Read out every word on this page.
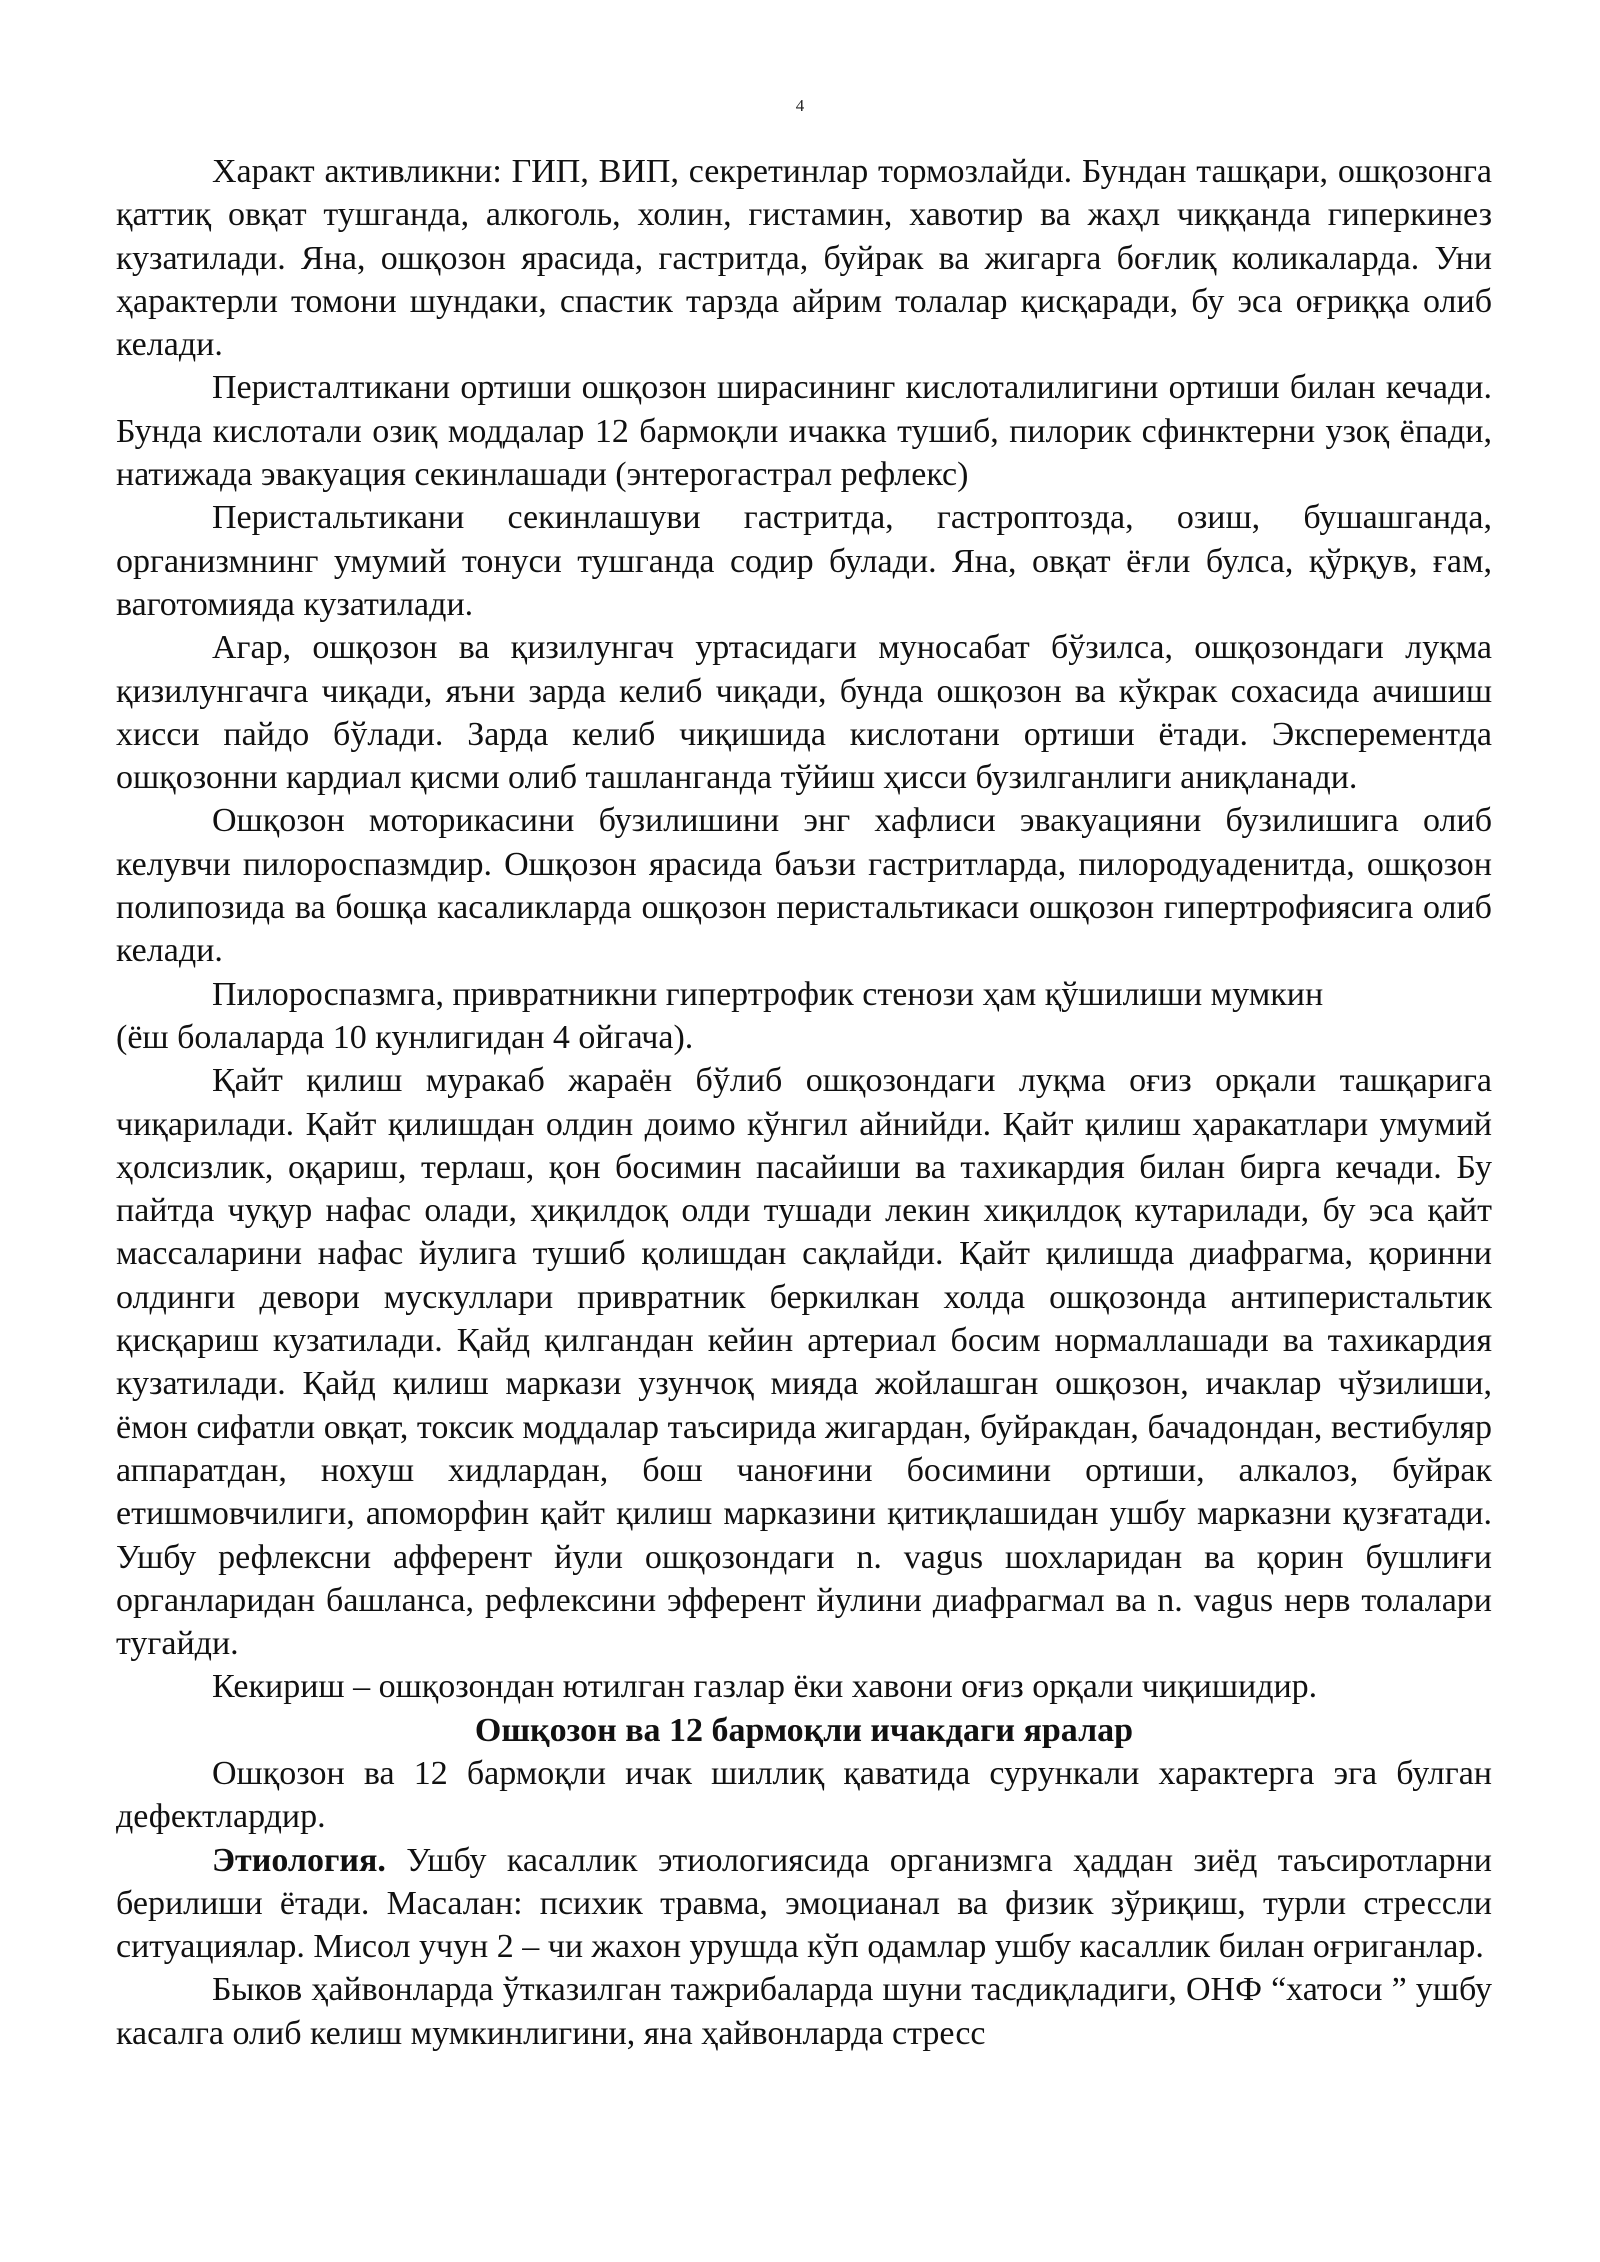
4

Характ активликни: ГИП, ВИП, секретинлар тормозлайди. Бундан ташқари, ошқозонга қаттиқ овқат тушганда, алкоголь, холин, гистамин, хавотир ва жаҳл чиққанда гиперкинез кузатилади. Яна, ошқозон ярасида, гастритда, буйрак ва жигарга боғлиқ коликаларда. Уни ҳарактерли томони шундаки, спастик тарзда айрим толалар қисқаради, бу эса оғриққа олиб келади.

Перисталтикани ортиши ошқозон ширасининг кислоталилигини ортиши билан кечади. Бунда кислотали озиқ моддалар 12 бармоқли ичакка тушиб, пилорик сфинктерни узоқ ёпади, натижада эвакуация секинлашади (энтерогастрал рефлекс)

Перистальтикани секинлашуви гастритда, гастроптозда, озиш, бушашганда, организмнинг умумий тонуси тушганда содир булади. Яна, овқат ёғли булса, қўрқув, ғам, ваготомияда кузатилади.

Агар, ошқозон ва қизилунгач уртасидаги муносабат бўзилса, ошқозондаги луқма қизилунгачга чиқади, яъни зарда келиб чиқади, бунда ошқозон ва кўкрак сохасида ачишиш хисси пайдо бўлади. Зарда келиб чиқишида кислотани ортиши ётади. Эксперементда ошқозонни кардиал қисми олиб ташланганда тўйиш ҳисси бузилганлиги аниқланади.

Ошқозон моторикасини бузилишини энг хафлиси эвакуацияни бузилишига олиб келувчи пилороспазмдир. Ошқозон ярасида баъзи гастритларда, пилородуаденитда, ошқозон полипозида ва бошқа касаликларда ошқозон перистальтикаси ошқозон гипертрофиясига олиб келади.

Пилороспазмга, привратникни гипертрофик стенози ҳам қўшилиши мумкин

(ёш болаларда 10 кунлигидан 4 ойгача).

Қайт қилиш муракаб жараён бўлиб ошқозондаги луқма оғиз орқали ташқарига чиқарилади. Қайт қилишдан олдин доимо кўнгил айнийди. Қайт қилиш ҳаракатлари умумий ҳолсизлик, оқариш, терлаш, қон босимин пасайиши ва тахикардия билан бирга кечади. Бу пайтда чуқур нафас олади, ҳиқилдоқ олди тушади лекин хиқилдоқ кутарилади, бу эса қайт массаларини нафас йулига тушиб қолишдан сақлайди. Қайт қилишда диафрагма, қоринни олдинги девори мускуллари привратник беркилкан холда ошқозонда антиперистальтик қисқариш кузатилади. Қайд қилгандан кейин артериал босим нормаллашади ва тахикардия кузатилади. Қайд қилиш маркази узунчоқ мияда жойлашган ошқозон, ичаклар чўзилиши, ёмон сифатли овқат, токсик моддалар таъсирида жигардан, буйракдан, бачадондан, вестибуляр аппаратдан, нохуш хидлардан, бош чаноғини босимини ортиши, алкалоз, буйрак етишмовчилиги, апоморфин қайт қилиш марказини қитиқлашидан ушбу марказни қузғатади. Ушбу рефлексни афферент йули ошқозондаги n. vagus шохларидан ва қорин бушлиғи органларидан башланса, рефлексини эфферент йулини диафрагмал ва n. vagus нерв толалари тугайди.

Кекириш – ошқозондан ютилган газлар ёки хавони оғиз орқали чиқишидир.

Ошқозон ва 12 бармоқли ичакдаги яралар

Ошқозон ва 12 бармоқли ичак шиллиқ қаватида сурункали характерга эга булган дефектлардир.

Этиология. Ушбу касаллик этиологиясида организмга ҳаддан зиёд таъсиротларни берилиши ётади. Масалан: психик травма, эмоцианал ва физик зўриқиш, турли стрессли ситуациялар. Мисол учун 2 – чи жахон урушда кўп одамлар ушбу касаллик билан оғриганлар.

Быков ҳайвонларда ўтказилган тажрибаларда шуни тасдиқладиги, ОНФ “хатоси ” ушбу касалга олиб келиш мумкинлигини, яна ҳайвонларда стресс
